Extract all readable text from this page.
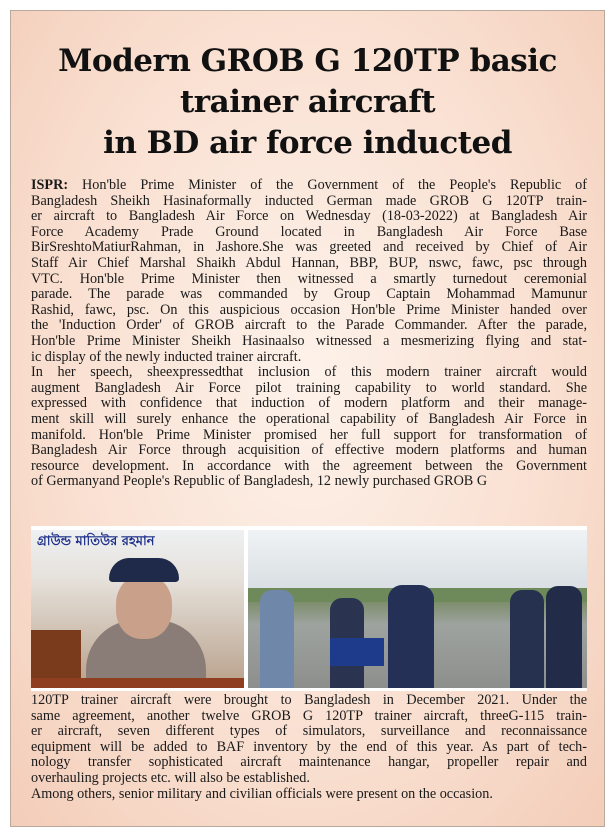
Modern GROB G 120TP basic
trainer aircraft
in BD air force inducted
ISPR: Hon'ble Prime Minister of the Government of the People's Republic of
Bangladesh Sheikh Hasinaformally inducted German made GROB G 120TP train-
er aircraft to Bangladesh Air Force on Wednesday (18-03-2022) at Bangladesh Air
Force Academy Prade Ground located in Bangladesh Air Force Base
BirSreshtoMatiurRahman, in Jashore.She was greeted and received by Chief of Air
Staff Air Chief Marshal Shaikh Abdul Hannan, BBP, BUP, nswc, fawc, psc through
VTC. Hon'ble Prime Minister then witnessed a smartly turnedout ceremonial
parade. The parade was commanded by Group Captain Mohammad Mamunur
Rashid, fawc, psc. On this auspicious occasion Hon'ble Prime Minister handed over
the 'Induction Order' of GROB aircraft to the Parade Commander. After the parade,
Hon'ble Prime Minister Sheikh Hasinaalso witnessed a mesmerizing flying and stat-
ic display of the newly inducted trainer aircraft.
In her speech, sheexpressedthat inclusion of this modern trainer aircraft would
augment Bangladesh Air Force pilot training capability to world standard. She
expressed with confidence that induction of modern platform and their manage-
ment skill will surely enhance the operational capability of Bangladesh Air Force in
manifold. Hon'ble Prime Minister promised her full support for transformation of
Bangladesh Air Force through acquisition of effective modern platforms and human
resource development. In accordance with the agreement between the Government
of Germanyand People's Republic of Bangladesh, 12 newly purchased GROB G
গ্রাউন্ড মাতিউর রহমান
120TP trainer aircraft were brought to Bangladesh in December 2021. Under the
same agreement, another twelve GROB G 120TP trainer aircraft, threeG-115 train-
er aircraft, seven different types of simulators, surveillance and reconnaissance
equipment will be added to BAF inventory by the end of this year. As part of tech-
nology transfer sophisticated aircraft maintenance hangar, propeller repair and
overhauling projects etc. will also be established.
Among others, senior military and civilian officials were present on the occasion.
